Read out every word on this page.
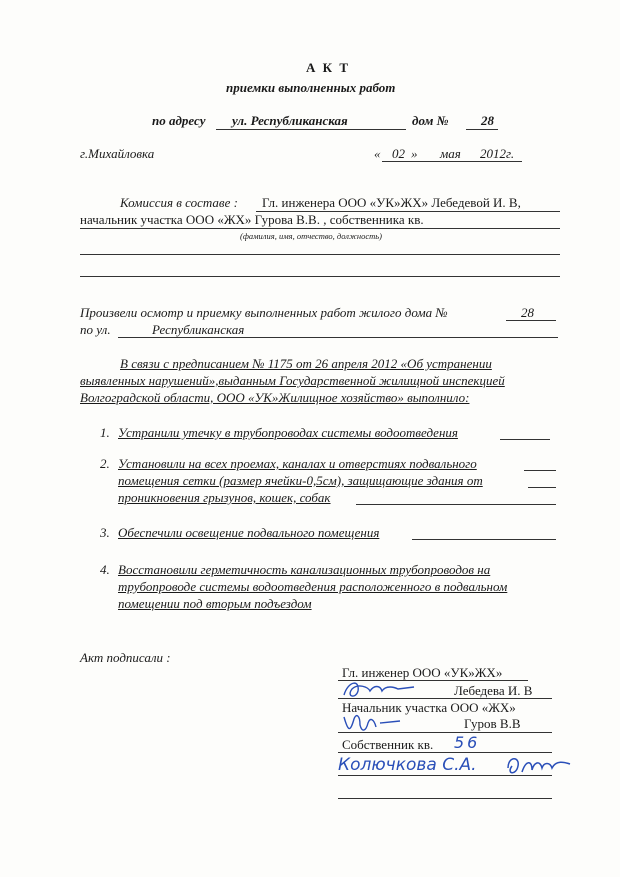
А К Т
приемки выполненных работ
по адресу ул. Республиканская	дом № 28
г.Михайловка	« 02 » мая 2012г.
Комиссия в составе : Гл. инженера ООО «УК»ЖХ» Лебедевой И. В,
начальник участка ООО «ЖХ» Гурова В.В. , собственника кв.
(фамилия, имя, отчество, должность)
Произвели осмотр и приемку выполненных работ жилого дома №	28
по ул.	Республиканская
В связи с предписанием № 1175 от 26 апреля 2012 «Об устранении
выявленных нарушений»,выданным Государственной жилищной инспекцией
Волгоградской области, ООО «УК»Жилищное хозяйство» выполнило:
1. Устранили утечку в трубопроводах системы водоотведения
2. Установили на всех проемах, каналах и отверстиях подвального
помещения сетки (размер ячейки-0,5см), защищающие здания от
проникновения грызунов, кошек, собак
3. Обеспечили освещение подвального помещения
4. Восстановили герметичность канализационных трубопроводов на
трубопроводе системы водоотведения расположенного в подвальном
помещении под вторым подъездом
Акт подписали :
Гл. инженер ООО «УК»ЖХ»
Лебедева И. В
Начальник участка ООО «ЖХ»
Гуров В.В
Собственник кв. 56
Колючкова С.А.
